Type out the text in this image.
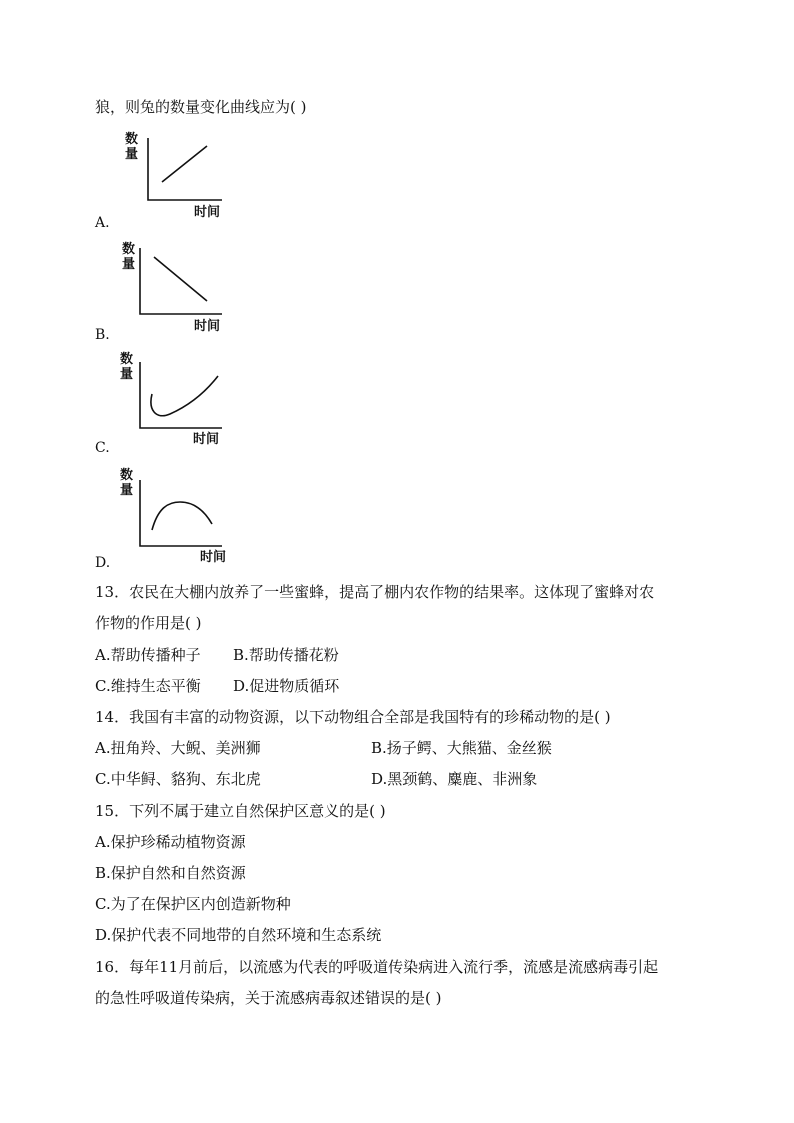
狼，则兔的数量变化曲线应为( )
数量
时间
A.
数量
时间
B.
数量
时间
C.
数量
时间
D.
13．农民在大棚内放养了一些蜜蜂，提高了棚内农作物的结果率。这体现了蜜蜂对农
作物的作用是( )
A.帮助传播种子 B.帮助传播花粉
C.维持生态平衡 D.促进物质循环
14．我国有丰富的动物资源，以下动物组合全部是我国特有的珍稀动物的是( )
A.扭角羚、大鲵、美洲狮	B.扬子鳄、大熊猫、金丝猴
C.中华鲟、貉狗、东北虎	D.黑颈鹤、麋鹿、非洲象
15．下列不属于建立自然保护区意义的是( )
A.保护珍稀动植物资源
B.保护自然和自然资源
C.为了在保护区内创造新物种
D.保护代表不同地带的自然环境和生态系统
16．每年11月前后，以流感为代表的呼吸道传染病进入流行季，流感是流感病毒引起
的急性呼吸道传染病，关于流感病毒叙述错误的是( )
